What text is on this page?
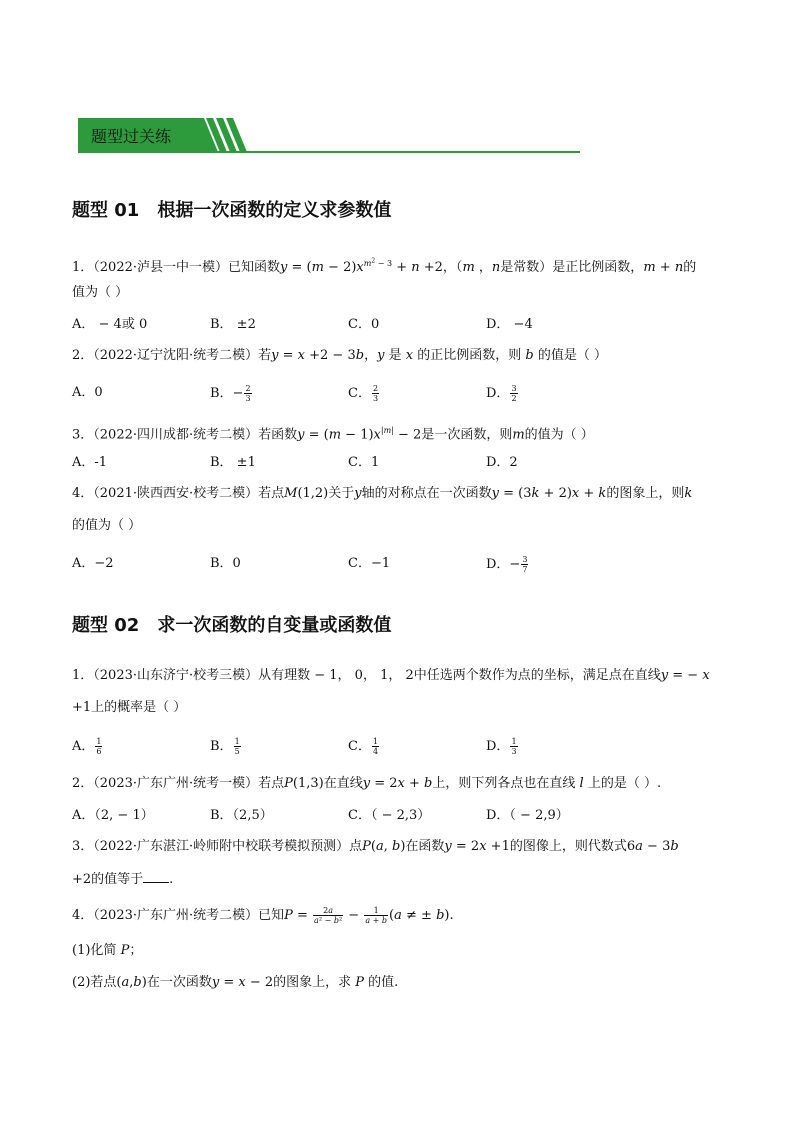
题型过关练
题型 01　根据一次函数的定义求参数值
1．（2022·泸县一中一模）已知函数$y = (m - 2)x^{m^2 - 3} + n +2$，（m ，n是常数）是正比例函数，m + n的
值为（ ）
A． − 4或 0	B． ±2	C．0	D． −4
2．（2022·辽宁沈阳·统考二模）若y = x +2 − 3b，y 是 x 的正比例函数，则 b 的值是（ ）
A．0	B．− $\frac{2}{3}$	C． $\frac{2}{3}$	D． $\frac{3}{2}$
3．（2022·四川成都·统考二模）若函数$y = (m - 1)x^{|m|} - 2$是一次函数，则m的值为（ ）
A．-1	B． ±1	C．1	D．2
4．（2021·陕西西安·校考二模）若点M(1,2)关于y轴的对称点在一次函数y = (3k + 2)x + k的图象上，则k
的值为（ ）
A．−2	B．0	C．−1	D．− $\frac{3}{7}$
题型 02　求一次函数的自变量或函数值
1．（2023·山东济宁·校考三模）从有理数 − 1， 0， 1， 2中任选两个数作为点的坐标，满足点在直线y = − x
+1上的概率是（ ）
A． $\frac{1}{6}$	B． $\frac{1}{5}$	C． $\frac{1}{4}$	D． $\frac{1}{3}$
2．（2023·广东广州·统考一模）若点P(1,3)在直线y = 2x + b上，则下列各点也在直线 l 上的是（ ）.
A．（2, − 1）	B．（2,5）	C．（ − 2,3）	D．（ − 2,9）
3．（2022·广东湛江·岭师附中校联考模拟预测）点P(a, b)在函数y = 2x +1的图像上，则代数式6a − 3b
+2的值等于 .
4．（2023·广东广州·统考二模）已知$P = \frac{2a}{\text{a² − b²}} - \frac{1}{a + b} (a$ ≠ ± b).
(1)化简 P；
(2)若点(a,b)在一次函数y = x − 2的图象上，求 P 的值.
